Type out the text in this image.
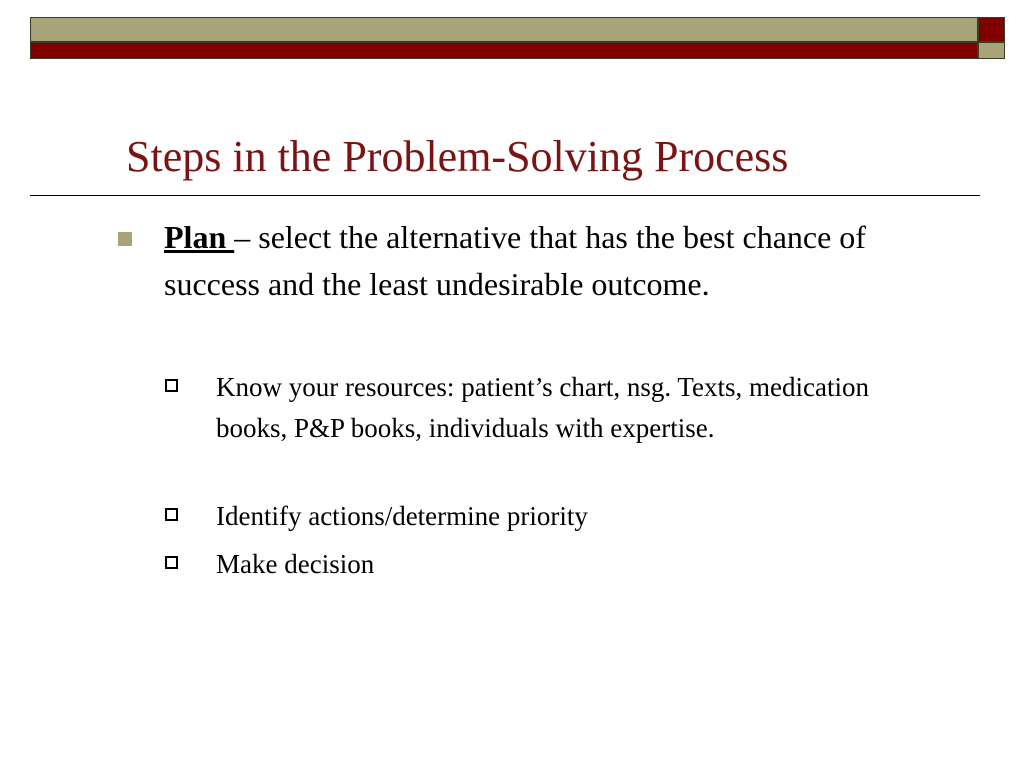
Steps in the Problem-Solving Process
Plan – select the alternative that has the best chance of success and the least undesirable outcome.
Know your resources: patient’s chart, nsg. Texts, medication books, P&P books, individuals with expertise.
Identify actions/determine priority
Make decision
